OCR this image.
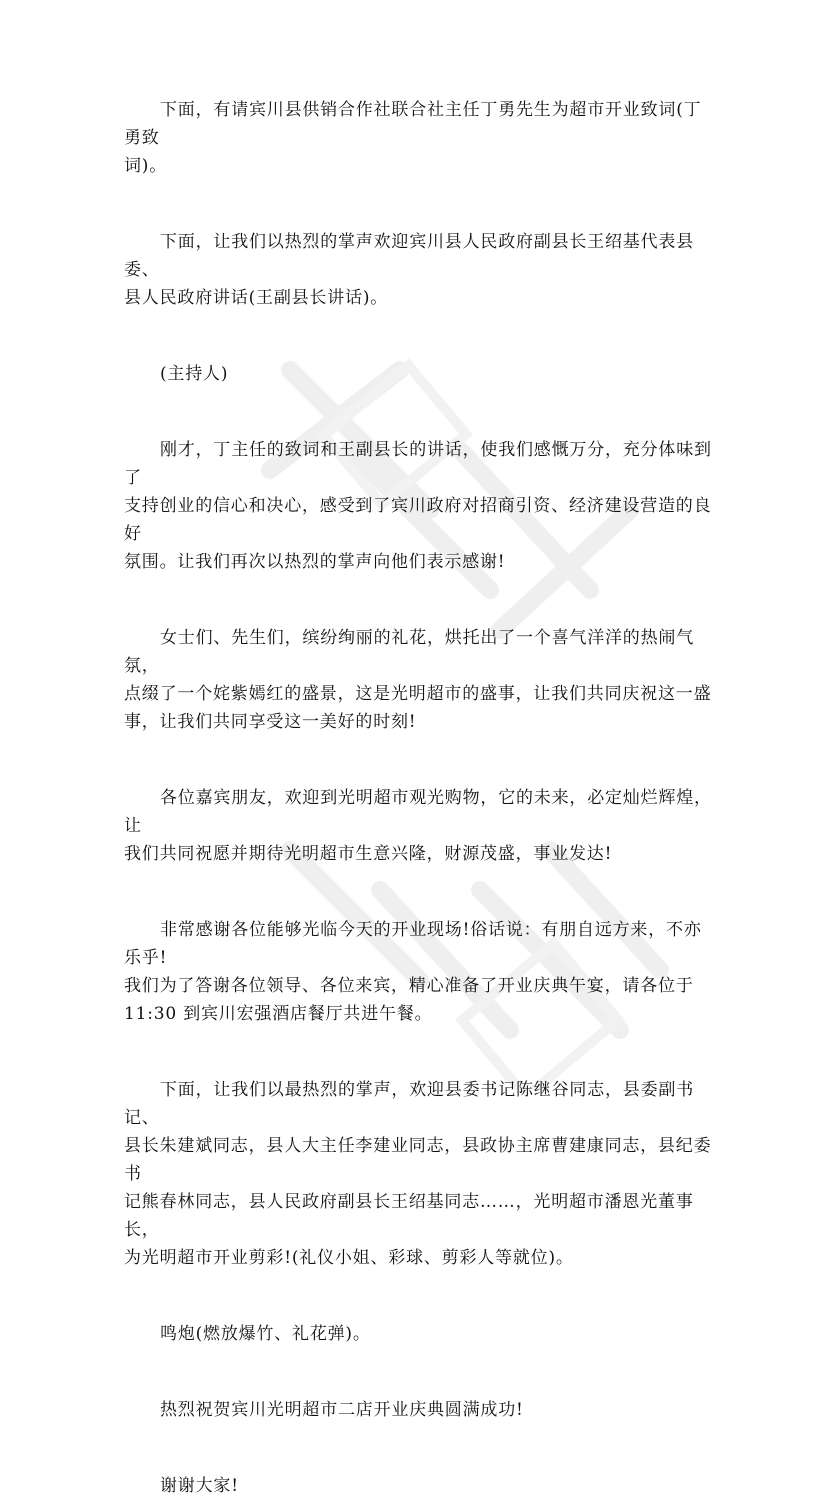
下面，有请宾川县供销合作社联合社主任丁勇先生为超市开业致词(丁勇致
词)。

下面，让我们以热烈的掌声欢迎宾川县人民政府副县长王绍基代表县委、
县人民政府讲话(王副县长讲话)。

(主持人)

刚才，丁主任的致词和王副县长的讲话，使我们感慨万分，充分体味到了
支持创业的信心和决心，感受到了宾川政府对招商引资、经济建设营造的良好
氛围。让我们再次以热烈的掌声向他们表示感谢!

女士们、先生们，缤纷绚丽的礼花，烘托出了一个喜气洋洋的热闹气氛，
点缀了一个姹紫嫣红的盛景，这是光明超市的盛事，让我们共同庆祝这一盛
事，让我们共同享受这一美好的时刻!

各位嘉宾朋友，欢迎到光明超市观光购物，它的未来，必定灿烂辉煌，让
我们共同祝愿并期待光明超市生意兴隆，财源茂盛，事业发达!

非常感谢各位能够光临今天的开业现场!俗话说：有朋自远方来，不亦乐乎!
我们为了答谢各位领导、各位来宾，精心准备了开业庆典午宴，请各位于
11:30 到宾川宏强酒店餐厅共进午餐。

下面，让我们以最热烈的掌声，欢迎县委书记陈继谷同志，县委副书记、
县长朱建斌同志，县人大主任李建业同志，县政协主席曹建康同志，县纪委书
记熊春林同志，县人民政府副县长王绍基同志……，光明超市潘恩光董事长，
为光明超市开业剪彩!(礼仪小姐、彩球、剪彩人等就位)。

鸣炮(燃放爆竹、礼花弹)。

热烈祝贺宾川光明超市二店开业庆典圆满成功!

谢谢大家!
